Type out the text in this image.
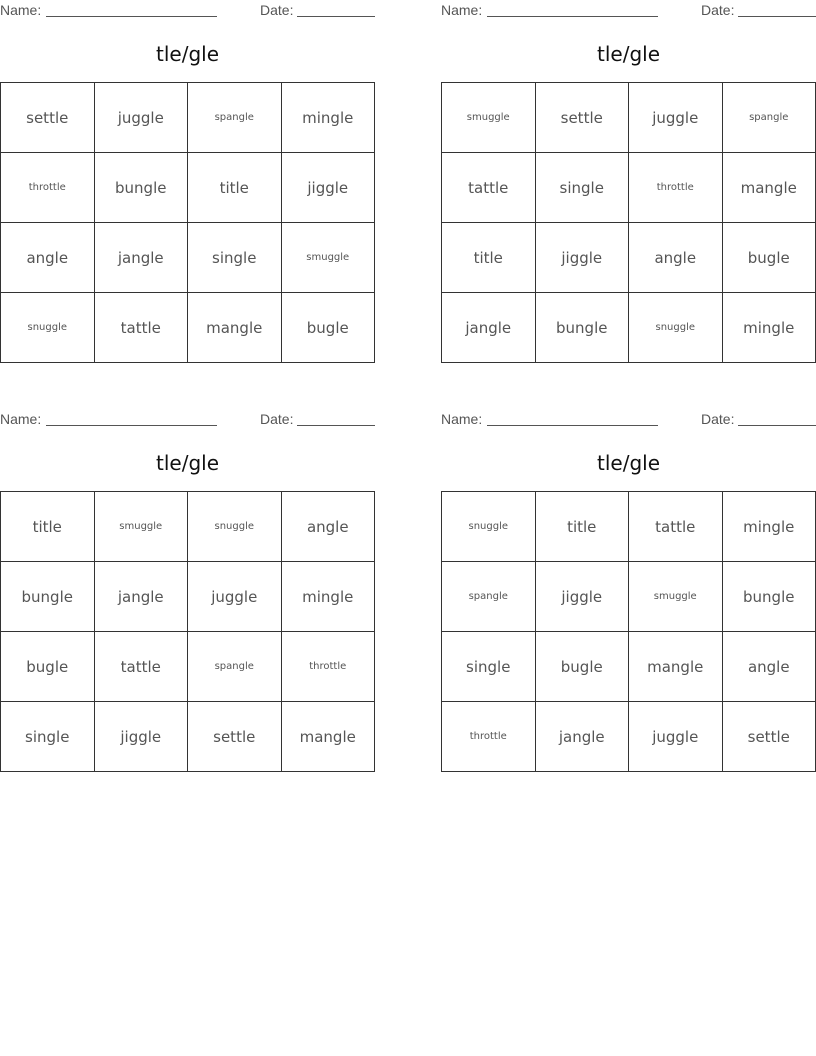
Name:	Date:
tle/gle
settle	juggle	spangle	mingle
throttle	bungle	title	jiggle
angle	jangle	single	smuggle
snuggle	tattle	mangle	bugle
Name:	Date:
tle/gle
smuggle	settle	juggle	spangle
tattle	single	throttle	mangle
title	jiggle	angle	bugle
jangle	bungle	snuggle	mingle
Name:	Date:
tle/gle
title	smuggle	snuggle	angle
bungle	jangle	juggle	mingle
bugle	tattle	spangle	throttle
single	jiggle	settle	mangle
Name:	Date:
tle/gle
snuggle	title	tattle	mingle
spangle	jiggle	smuggle	bungle
single	bugle	mangle	angle
throttle	jangle	juggle	settle
